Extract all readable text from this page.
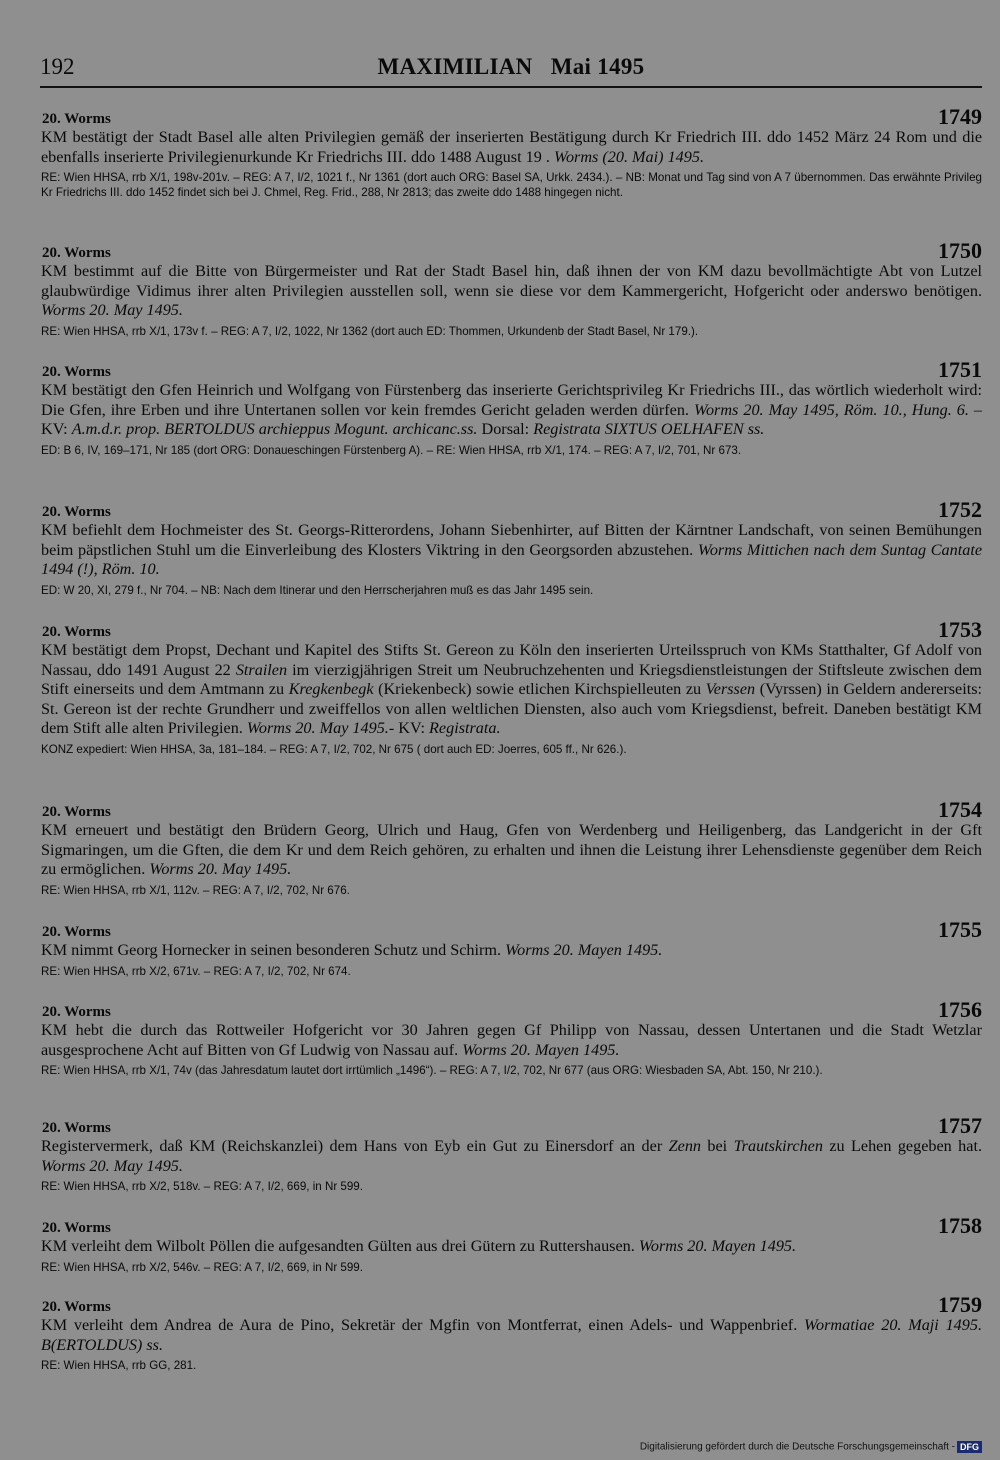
192	MAXIMILIAN   Mai 1495
20. Worms	1749

KM bestätigt der Stadt Basel alle alten Privilegien gemäß der inserierten Bestätigung durch Kr Friedrich III. ddo 1452 März 24 Rom und die ebenfalls inserierte Privilegienurkunde Kr Friedrichs III. ddo 1488 August 19 . Worms (20. Mai) 1495.

RE: Wien HHSA, rrb X/1, 198v-201v. – REG: A 7, I/2, 1021 f., Nr 1361 (dort auch ORG: Basel SA, Urkk. 2434.). – NB: Monat und Tag sind von A 7 übernommen. Das erwähnte Privileg Kr Friedrichs III. ddo 1452 findet sich bei J. Chmel, Reg. Frid., 288, Nr 2813; das zweite ddo 1488 hingegen nicht.

20. Worms	1750

KM bestimmt auf die Bitte von Bürgermeister und Rat der Stadt Basel hin, daß ihnen der von KM dazu bevollmächtigte Abt von Lutzel glaubwürdige Vidimus ihrer alten Privilegien ausstellen soll, wenn sie diese vor dem Kammergericht, Hofgericht oder anderswo benötigen. Worms 20. May 1495.

RE: Wien HHSA, rrb X/1, 173v f. – REG: A 7, I/2, 1022, Nr 1362 (dort auch ED: Thommen, Urkundenb der Stadt Basel, Nr 179.).

20. Worms	1751

KM bestätigt den Gfen Heinrich und Wolfgang von Fürstenberg das inserierte Gerichtsprivileg Kr Friedrichs III., das wörtlich wiederholt wird: Die Gfen, ihre Erben und ihre Untertanen sollen vor kein fremdes Gericht geladen werden dürfen. Worms 20. May 1495, Röm. 10., Hung. 6. – KV: A.m.d.r. prop. BERTOLDUS archieppus Mogunt. archicanc.ss. Dorsal: Registrata SIXTUS OELHAFEN ss.

ED: B 6, IV, 169–171, Nr 185 (dort ORG: Donaueschingen Fürstenberg A). – RE: Wien HHSA, rrb X/1, 174. – REG: A 7, I/2, 701, Nr 673.

20. Worms	1752

KM befiehlt dem Hochmeister des St. Georgs-Ritterordens, Johann Siebenhirter, auf Bitten der Kärntner Landschaft, von seinen Bemühungen beim päpstlichen Stuhl um die Einverleibung des Klosters Viktring in den Georgsorden abzustehen. Worms Mittichen nach dem Suntag Cantate 1494 (!), Röm. 10.

ED: W 20, XI, 279 f., Nr 704. – NB: Nach dem Itinerar und den Herrscherjahren muß es das Jahr 1495 sein.

20. Worms	1753

KM bestätigt dem Propst, Dechant und Kapitel des Stifts St. Gereon zu Köln den inserierten Urteilsspruch von KMs Statthalter, Gf Adolf von Nassau, ddo 1491 August 22 Strailen im vierzigjährigen Streit um Neubruchzehenten und Kriegsdienstleistungen der Stiftsleute zwischen dem Stift einerseits und dem Amtmann zu Kregkenbegk (Kriekenbeck) sowie etlichen Kirchspielleuten zu Verssen (Vyrssen) in Geldern andererseits: St. Gereon ist der rechte Grundherr und zweiffellos von allen weltlichen Diensten, also auch vom Kriegsdienst, befreit. Daneben bestätigt KM dem Stift alle alten Privilegien. Worms 20. May 1495.- KV: Registrata.

KONZ expediert: Wien HHSA, 3a, 181–184. – REG: A 7, I/2, 702, Nr 675 ( dort auch ED: Joerres, 605 ff., Nr 626.).

20. Worms	1754

KM erneuert und bestätigt den Brüdern Georg, Ulrich und Haug, Gfen von Werdenberg und Heiligenberg, das Landgericht in der Gft Sigmaringen, um die Gften, die dem Kr und dem Reich gehören, zu erhalten und ihnen die Leistung ihrer Lehensdienste gegenüber dem Reich zu ermöglichen. Worms 20. May 1495.

RE: Wien HHSA, rrb X/1, 112v. – REG: A 7, I/2, 702, Nr 676.

20. Worms	1755

KM nimmt Georg Hornecker in seinen besonderen Schutz und Schirm. Worms 20. Mayen 1495.

RE: Wien HHSA, rrb X/2, 671v. – REG: A 7, I/2, 702, Nr 674.

20. Worms	1756

KM hebt die durch das Rottweiler Hofgericht vor 30 Jahren gegen Gf Philipp von Nassau, dessen Untertanen und die Stadt Wetzlar ausgesprochene Acht auf Bitten von Gf Ludwig von Nassau auf. Worms 20. Mayen 1495.

RE: Wien HHSA, rrb X/1, 74v (das Jahresdatum lautet dort irrtümlich „1496“). – REG: A 7, I/2, 702, Nr 677 (aus ORG: Wiesbaden SA, Abt. 150, Nr 210.).

20. Worms	1757

Registervermerk, daß KM (Reichskanzlei) dem Hans von Eyb ein Gut zu Einersdorf an der Zenn bei Trautskirchen zu Lehen gegeben hat. Worms 20. May 1495.

RE: Wien HHSA, rrb X/2, 518v. – REG: A 7, I/2, 669, in Nr 599.

20. Worms	1758

KM verleiht dem Wilbolt Pöllen die aufgesandten Gülten aus drei Gütern zu Ruttershausen. Worms 20. Mayen 1495.

RE: Wien HHSA, rrb X/2, 546v. – REG: A 7, I/2, 669, in Nr 599.

20. Worms	1759

KM verleiht dem Andrea de Aura de Pino, Sekretär der Mgfin von Montferrat, einen Adels- und Wappenbrief. Wormatiae 20. Maji 1495. B(ERTOLDUS) ss.

RE: Wien HHSA, rrb GG, 281.

Digitalisierung gefördert durch die Deutsche Forschungsgemeinschaft - DFG
